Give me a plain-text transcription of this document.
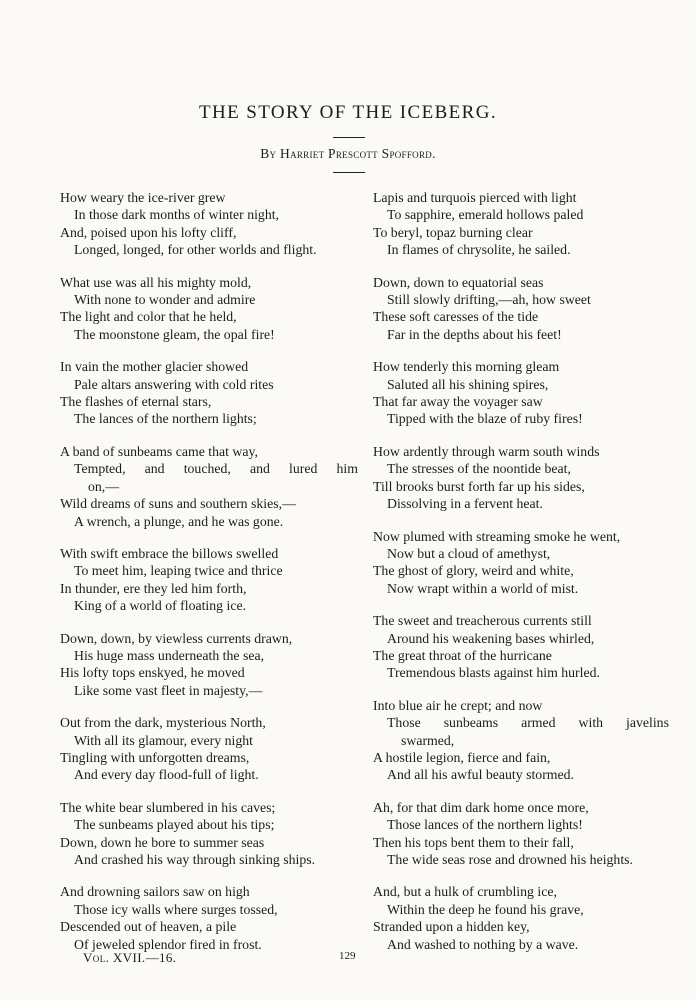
THE STORY OF THE ICEBERG.
By Harriet Prescott Spofford.
How weary the ice-river grew
In those dark months of winter night,
And, poised upon his lofty cliff,
Longed, longed, for other worlds and flight.
What use was all his mighty mold,
With none to wonder and admire
The light and color that he held,
The moonstone gleam, the opal fire!
In vain the mother glacier showed
Pale altars answering with cold rites
The flashes of eternal stars,
The lances of the northern lights;
A band of sunbeams came that way,
Tempted, and touched, and lured him
on,—
Wild dreams of suns and southern skies,—
A wrench, a plunge, and he was gone.
With swift embrace the billows swelled
To meet him, leaping twice and thrice
In thunder, ere they led him forth,
King of a world of floating ice.
Down, down, by viewless currents drawn,
His huge mass underneath the sea,
His lofty tops enskyed, he moved
Like some vast fleet in majesty,—
Out from the dark, mysterious North,
With all its glamour, every night
Tingling with unforgotten dreams,
And every day flood-full of light.
The white bear slumbered in his caves;
The sunbeams played about his tips;
Down, down he bore to summer seas
And crashed his way through sinking ships.
And drowning sailors saw on high
Those icy walls where surges tossed,
Descended out of heaven, a pile
Of jeweled splendor fired in frost.
Lapis and turquois pierced with light
To sapphire, emerald hollows paled
To beryl, topaz burning clear
In flames of chrysolite, he sailed.
Down, down to equatorial seas
Still slowly drifting,—ah, how sweet
These soft caresses of the tide
Far in the depths about his feet!
How tenderly this morning gleam
Saluted all his shining spires,
That far away the voyager saw
Tipped with the blaze of ruby fires!
How ardently through warm south winds
The stresses of the noontide beat,
Till brooks burst forth far up his sides,
Dissolving in a fervent heat.
Now plumed with streaming smoke he went,
Now but a cloud of amethyst,
The ghost of glory, weird and white,
Now wrapt within a world of mist.
The sweet and treacherous currents still
Around his weakening bases whirled,
The great throat of the hurricane
Tremendous blasts against him hurled.
Into blue air he crept; and now
Those sunbeams armed with javelins
swarmed,
A hostile legion, fierce and fain,
And all his awful beauty stormed.
Ah, for that dim dark home once more,
Those lances of the northern lights!
Then his tops bent them to their fall,
The wide seas rose and drowned his heights.
And, but a hulk of crumbling ice,
Within the deep he found his grave,
Stranded upon a hidden key,
And washed to nothing by a wave.
Vol. XVII.—16.	129
